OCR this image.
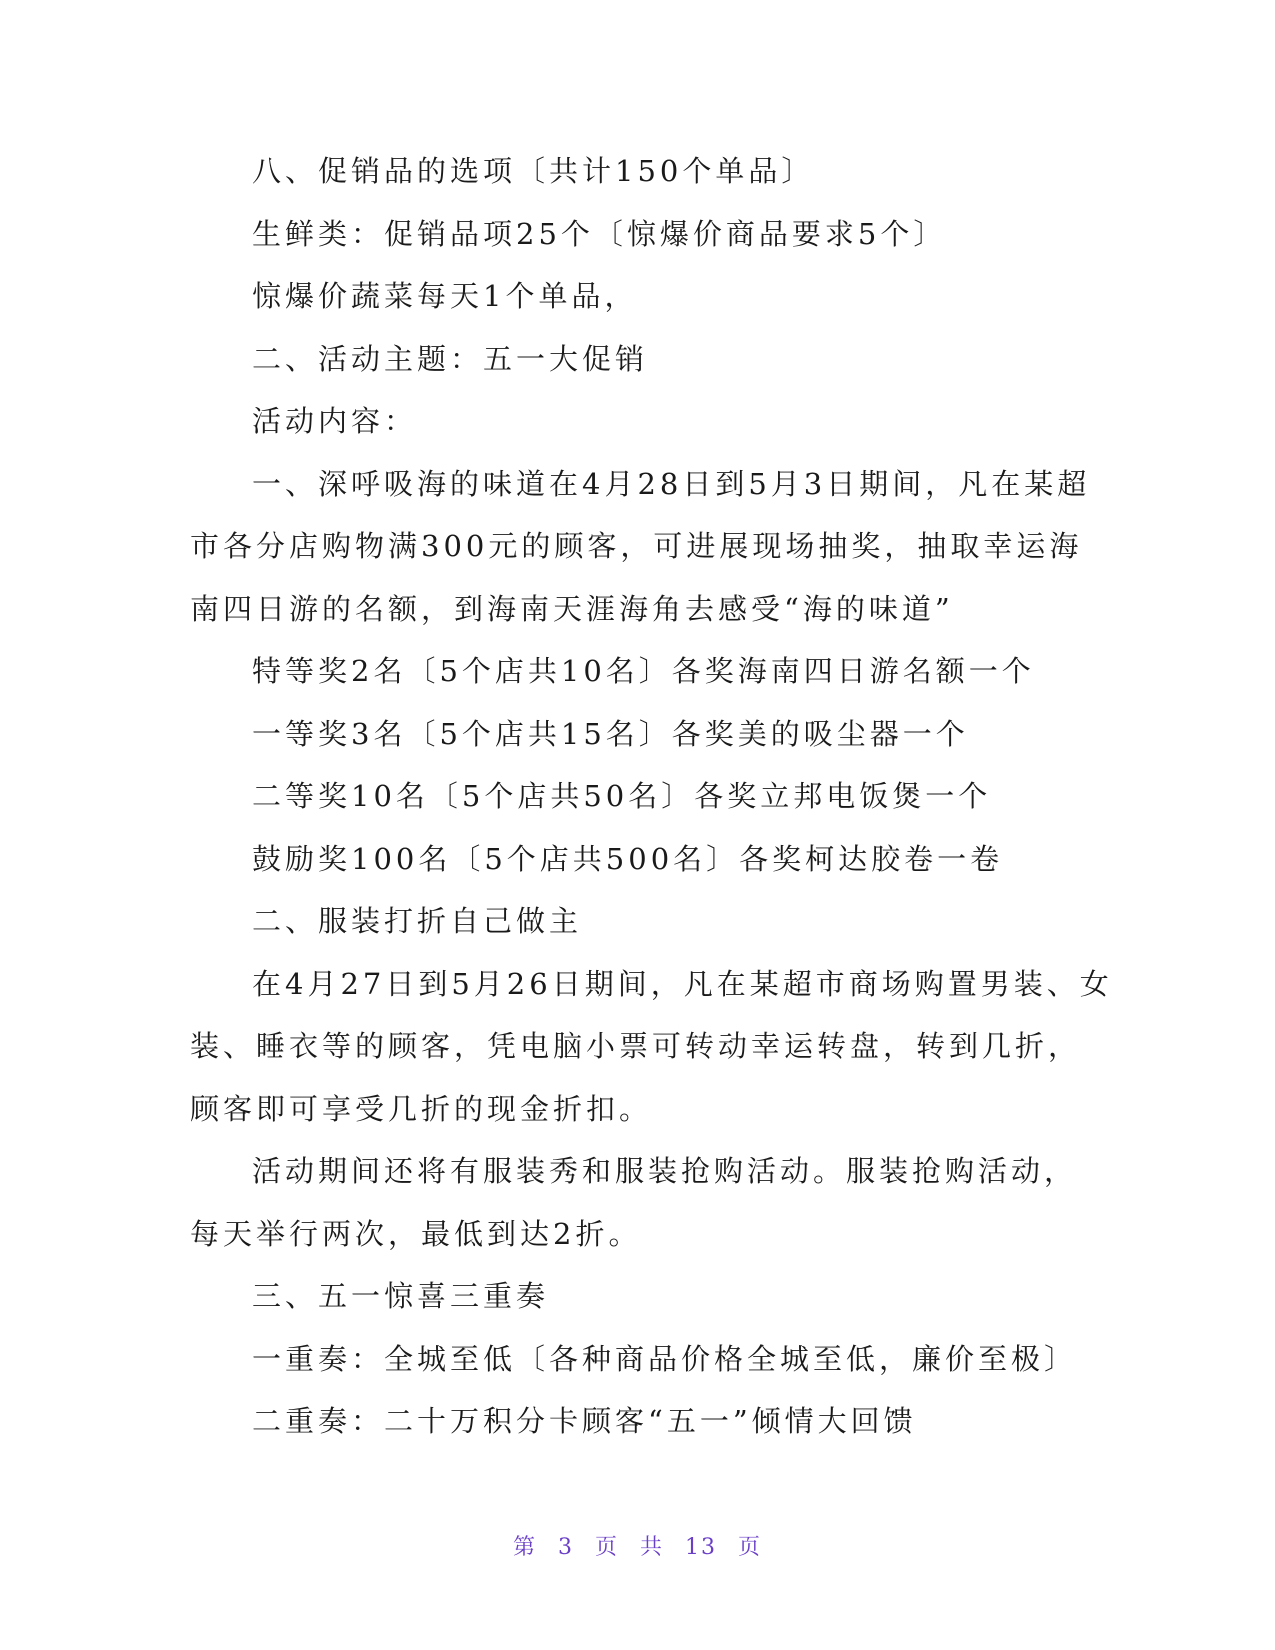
八、促销品的选项〔共计150个单品〕

生鲜类：促销品项25个〔惊爆价商品要求5个〕

惊爆价蔬菜每天1个单品，

二、活动主题：五一大促销

活动内容：

一、深呼吸海的味道在4月28日到5月3日期间，凡在某超
市各分店购物满300元的顾客，可进展现场抽奖，抽取幸运海
南四日游的名额，到海南天涯海角去感受“海的味道”

特等奖2名〔5个店共10名〕各奖海南四日游名额一个

一等奖3名〔5个店共15名〕各奖美的吸尘器一个

二等奖10名〔5个店共50名〕各奖立邦电饭煲一个

鼓励奖100名〔5个店共500名〕各奖柯达胶卷一卷

二、服装打折自己做主

在4月27日到5月26日期间，凡在某超市商场购置男装、女
装、睡衣等的顾客，凭电脑小票可转动幸运转盘，转到几折，
顾客即可享受几折的现金折扣。

活动期间还将有服装秀和服装抢购活动。服装抢购活动，
每天举行两次，最低到达2折。

三、五一惊喜三重奏

一重奏：全城至低〔各种商品价格全城至低，廉价至极〕

二重奏：二十万积分卡顾客“五一”倾情大回馈

第 3 页 共 13 页
